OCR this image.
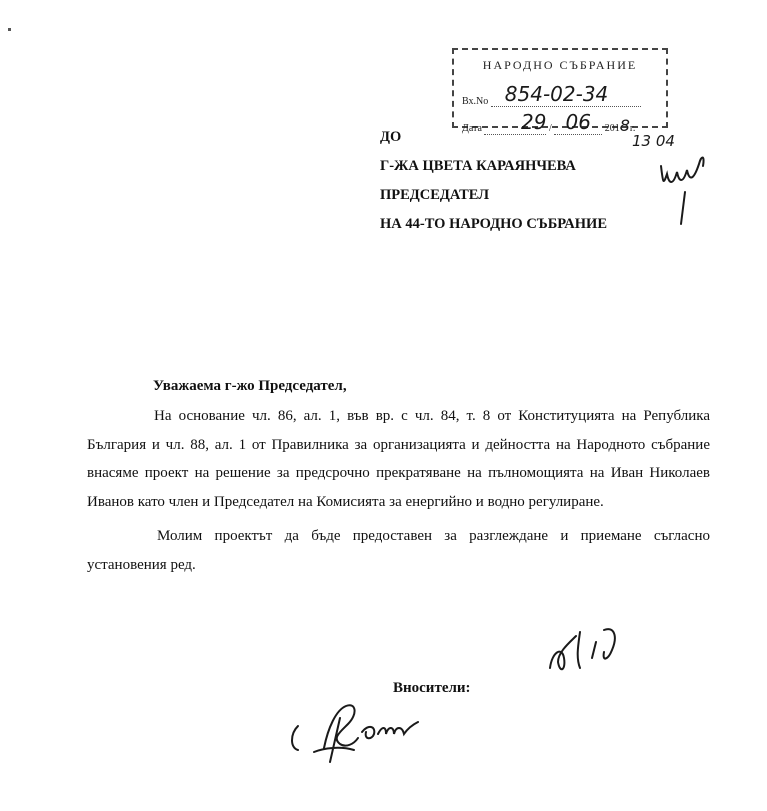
НАРОДНО СЪБРАНИЕ
Вх.No 854-02-34
Дата 29 / 06 2018г.
13 04
ДО
Г-ЖА ЦВЕТА КАРАЯНЧЕВА
ПРЕДСЕДАТЕЛ
НА 44-ТО НАРОДНО СЪБРАНИЕ
Уважаема г-жо Председател,

На основание чл. 86, ал. 1, във вр. с чл. 84, т. 8 от Конституцията на Република България и чл. 88, ал. 1 от Правилника за организацията и дейността на Народното събрание внасяме проект на решение за предсрочно прекратяване на пълномощията на Иван Николаев Иванов като член и Председател на Комисията за енергийно и водно регулиране.

Молим проектът да бъде предоставен за разглеждане и приемане съгласно установения ред.

Вносители:
